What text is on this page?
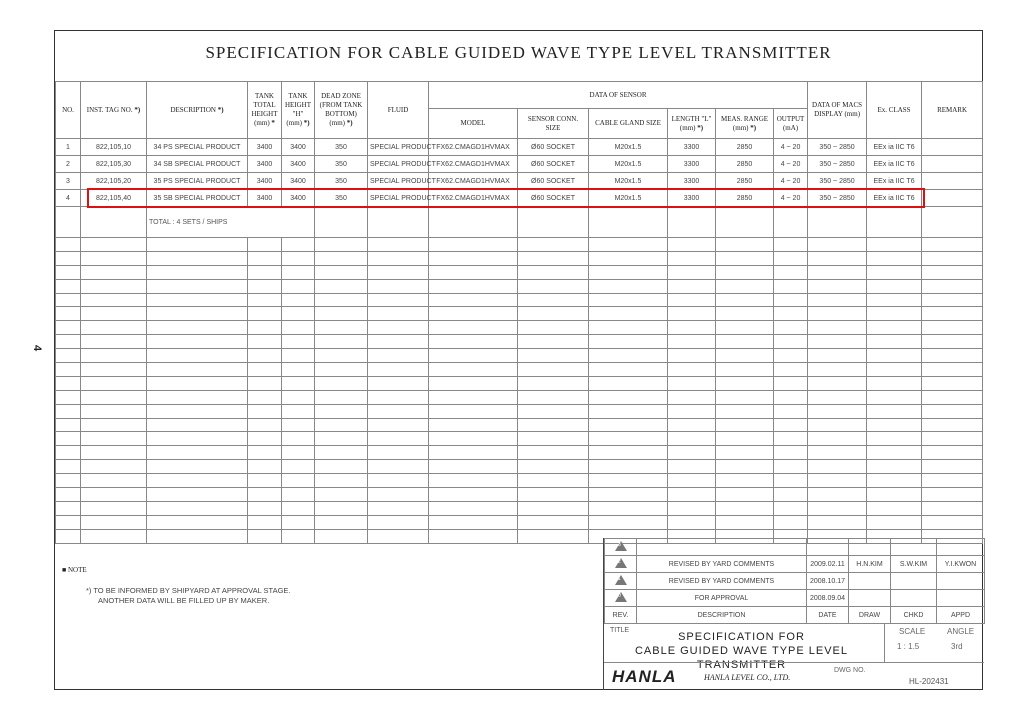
4
SPECIFICATION FOR CABLE GUIDED WAVE TYPE LEVEL TRANSMITTER
NO.	INST. TAG NO. *)	DESCRIPTION *)	TANK TOTAL HEIGHT (mm) *	TANK HEIGHT "H" (mm) *)	DEAD ZONE (FROM TANK BOTTOM) (mm) *)	FLUID	DATA OF SENSOR						DATA OF MACS DISPLAY (mm)	Ex. CLASS	REMARK
							MODEL	SENSOR CONN. SIZE	CABLE GLAND SIZE	LENGTH "L" (mm) *)	MEAS. RANGE (mm) *)	OUTPUT (mA)			
1	822,105,10	34 PS SPECIAL PRODUCT	3400	3400	350	SPECIAL PRODUCT	FX62.CMAGD1HVMAX	Ø60 SOCKET	M20x1.5	3300	2850	4 ~ 20	350 ~ 2850	EEx ia IIC T6	
2	822,105,30	34 SB SPECIAL PRODUCT	3400	3400	350	SPECIAL PRODUCT	FX62.CMAGD1HVMAX	Ø60 SOCKET	M20x1.5	3300	2850	4 ~ 20	350 ~ 2850	EEx ia IIC T6	
3	822,105,20	35 PS SPECIAL PRODUCT	3400	3400	350	SPECIAL PRODUCT	FX62.CMAGD1HVMAX	Ø60 SOCKET	M20x1.5	3300	2850	4 ~ 20	350 ~ 2850	EEx ia IIC T6	
4	822,105,40	35 SB SPECIAL PRODUCT	3400	3400	350	SPECIAL PRODUCT	FX62.CMAGD1HVMAX	Ø60 SOCKET	M20x1.5	3300	2850	4 ~ 20	350 ~ 2850	EEx ia IIC T6	
		TOTAL : 4 SETS / SHIPS													

■ NOTE
*) TO BE INFORMED BY SHIPYARD AT APPROVAL STAGE.
ANOTHER DATA WILL BE FILLED UP BY MAKER.
3					

2	REVISED BY YARD COMMENTS	2009.02.11	H.N.KIM	S.W.KIM	Y.I.KWON

1	REVISED BY YARD COMMENTS	2008.10.17			

0	FOR APPROVAL	2008.09.04			
REV.	DESCRIPTION	DATE	DRAW	CHKD	APPD
TITLE
SPECIFICATION FOR
CABLE GUIDED WAVE TYPE LEVEL TRANSMITTER
SCALE
1 : 1.5
ANGLE
3rd
HANLA	HANLA LEVEL CO., LTD.
DWG NO.
HL-202431
